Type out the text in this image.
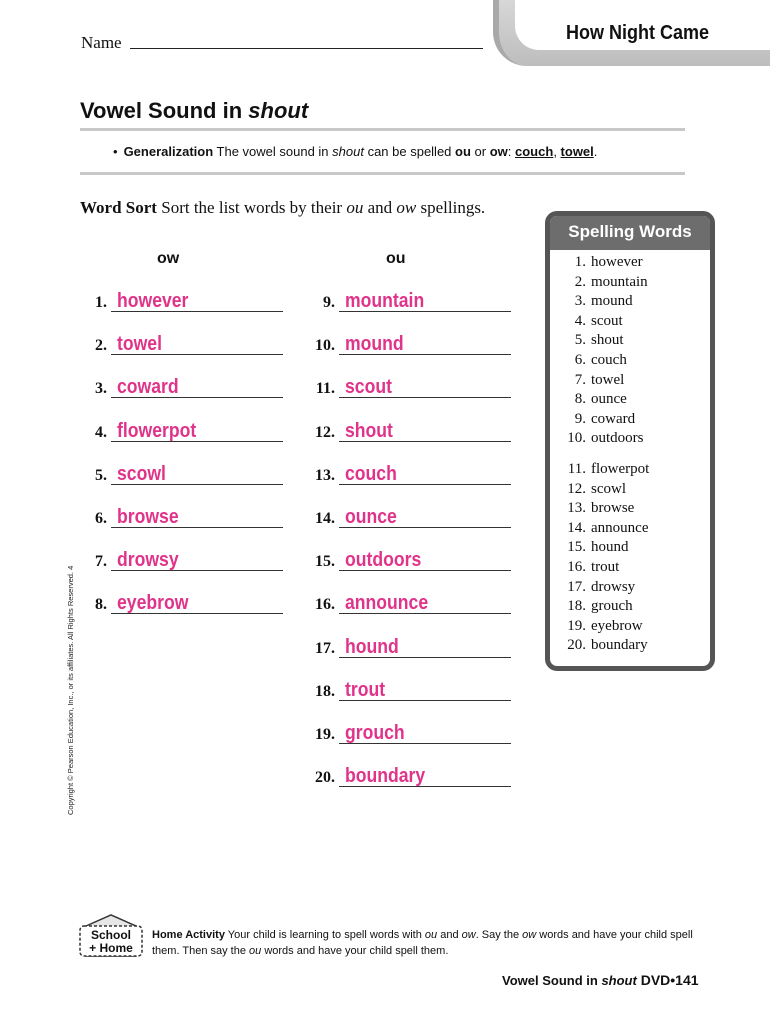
How Night Came
Name
Vowel Sound in shout
• Generalization The vowel sound in shout can be spelled ou or ow: couch, towel.
Word Sort Sort the list words by their ou and ow spellings.
ow	ou
1. however
2. towel
3. coward
4. flowerpot
5. scowl
6. browse
7. drowsy
8. eyebrow
9. mountain
10. mound
11. scout
12. shout
13. couch
14. ounce
15. outdoors
16. announce
17. hound
18. trout
19. grouch
20. boundary
Spelling Words
1. however
2. mountain
3. mound
4. scout
5. shout
6. couch
7. towel
8. ounce
9. coward
10. outdoors
11. flowerpot
12. scowl
13. browse
14. announce
15. hound
16. trout
17. drowsy
18. grouch
19. eyebrow
20. boundary
Copyright © Pearson Education, Inc., or its affiliates. All Rights Reserved. 4
School
+ Home
Home Activity Your child is learning to spell words with ou and ow. Say the ow words and have your child spell them. Then say the ou words and have your child spell them.
Vowel Sound in shout DVD•141
